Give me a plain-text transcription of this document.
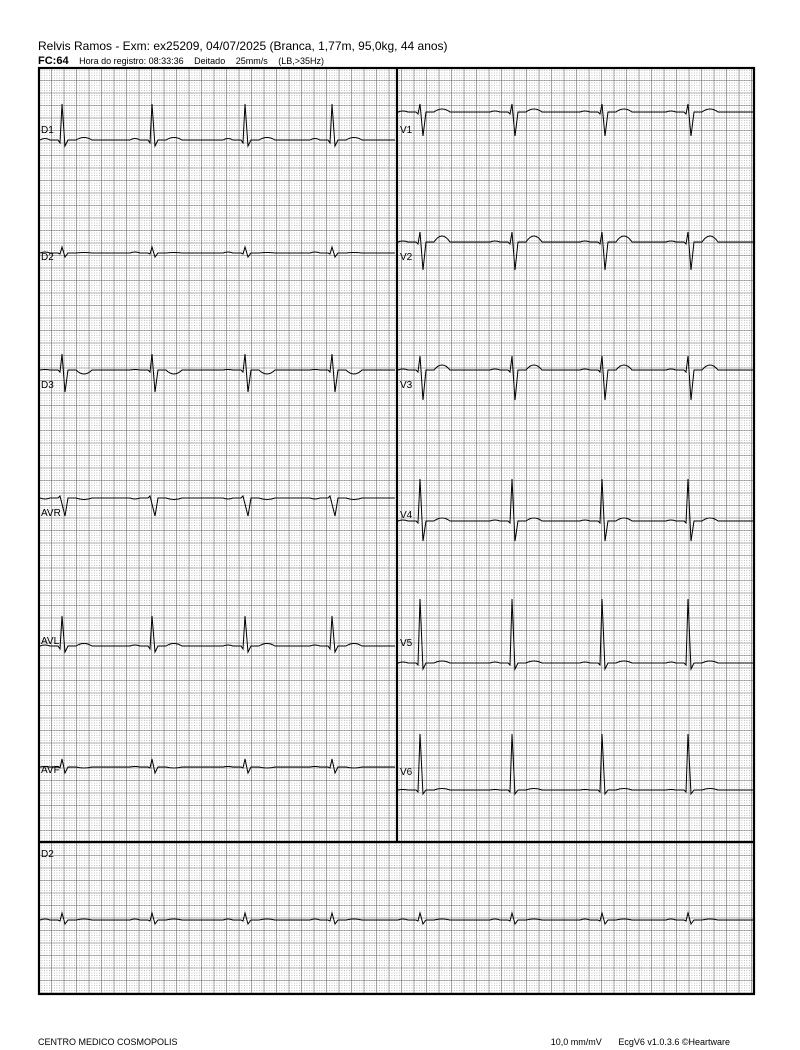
Relvis Ramos - Exm: ex25209, 04/07/2025 (Branca, 1,77m, 95,0kg, 44 anos)
FC:64 Hora do registro: 08:33:36 Deitado 25mm/s (LB,>35Hz)
D1
D2
D3
AVR
AVL
AVF
V1
V2
V3
V4
V5
V6
D2
CENTRO MEDICO COSMOPOLIS	10,0 mm/mV EcgV6 v1.0.3.6 ©Heartware
